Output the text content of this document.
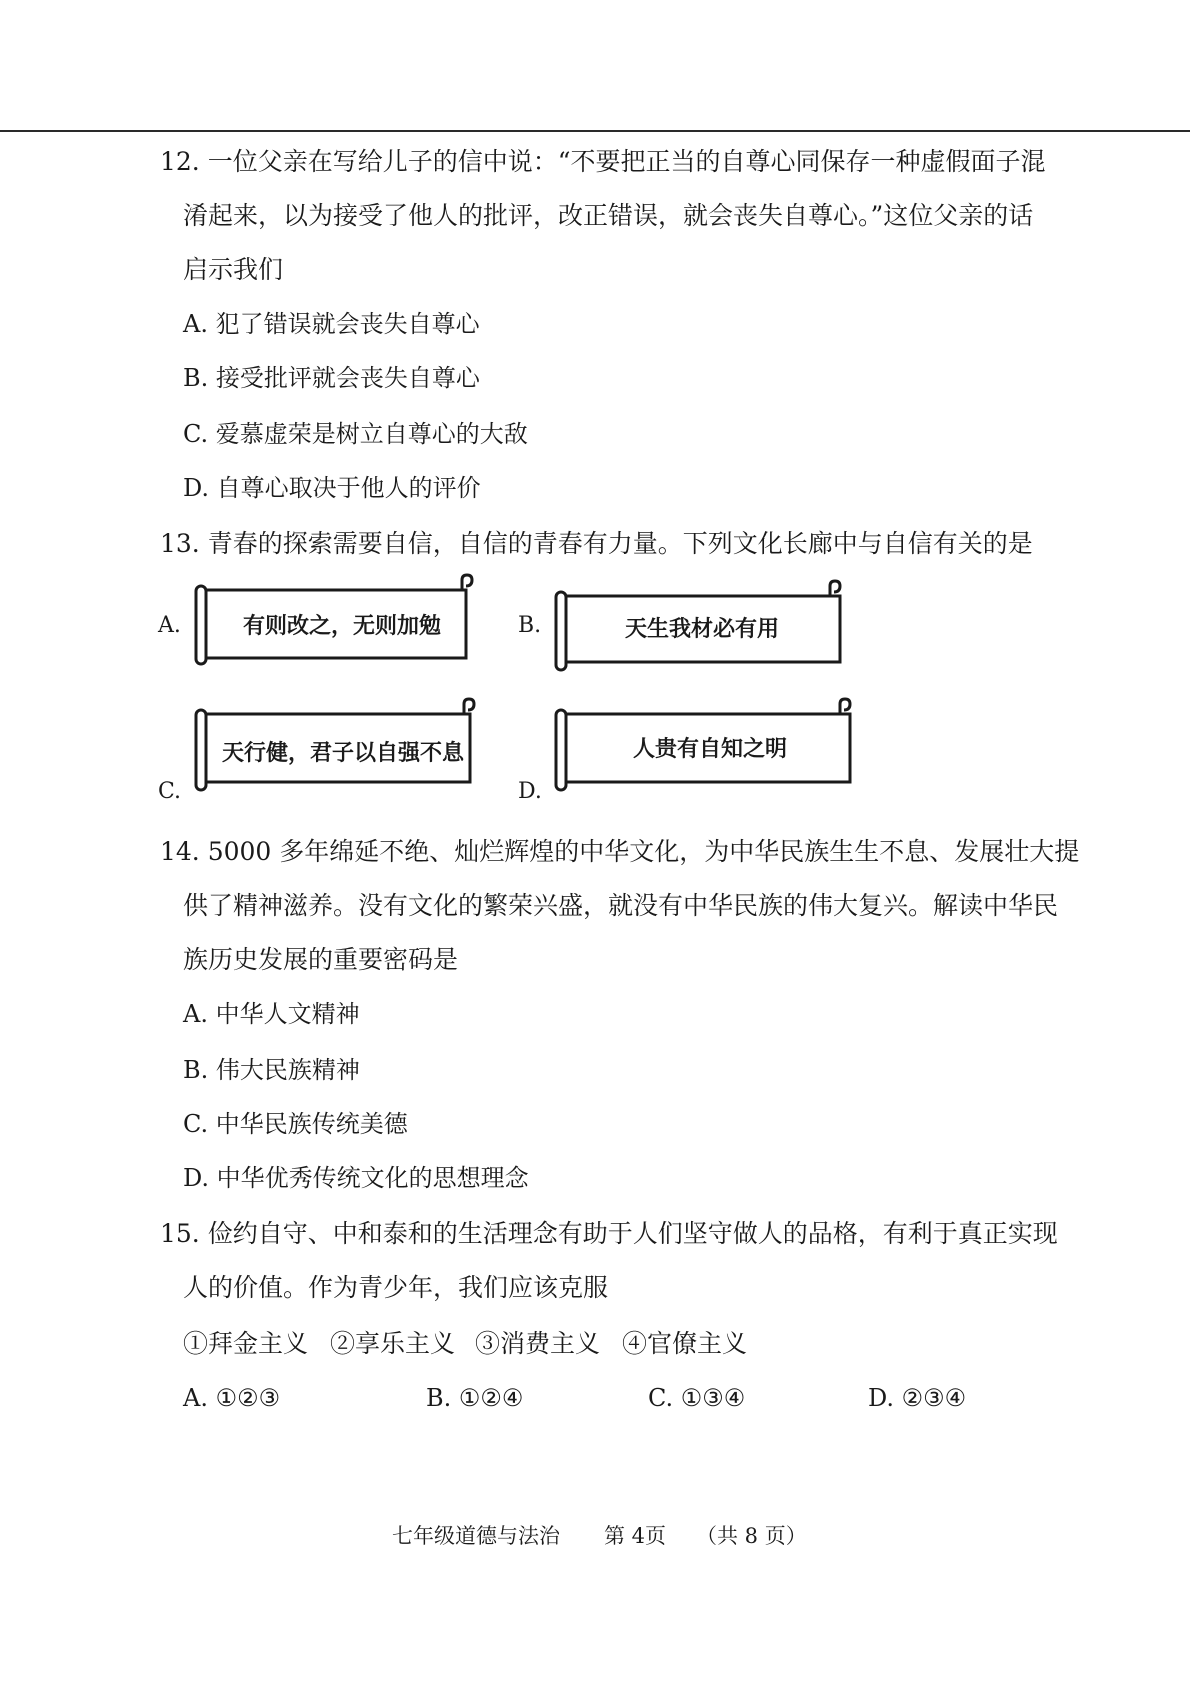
12. 一位父亲在写给儿子的信中说：“不要把正当的自尊心同保存一种虚假面子混
淆起来，以为接受了他人的批评，改正错误，就会丧失自尊心。”这位父亲的话
启示我们
A. 犯了错误就会丧失自尊心
B. 接受批评就会丧失自尊心
C. 爱慕虚荣是树立自尊心的大敌
D. 自尊心取决于他人的评价
13. 青春的探索需要自信，自信的青春有力量。下列文化长廊中与自信有关的是
A.	有则改之，无则加勉	B.	天生我材必有用
C.
天行健，君子以自强不息
D.
人贵有自知之明
14. 5000 多年绵延不绝、灿烂辉煌的中华文化，为中华民族生生不息、发展壮大提
供了精神滋养。没有文化的繁荣兴盛，就没有中华民族的伟大复兴。解读中华民
族历史发展的重要密码是
A. 中华人文精神
B. 伟大民族精神
C. 中华民族传统美德
D. 中华优秀传统文化的思想理念
15. 俭约自守、中和泰和的生活理念有助于人们坚守做人的品格，有利于真正实现
人的价值。作为青少年，我们应该克服
①拜金主义 ②享乐主义 ③消费主义 ④官僚主义
A. ①②③	B. ①②④	C. ①③④	D. ②③④
七年级道德与法治 第 4页 （共 8 页）
